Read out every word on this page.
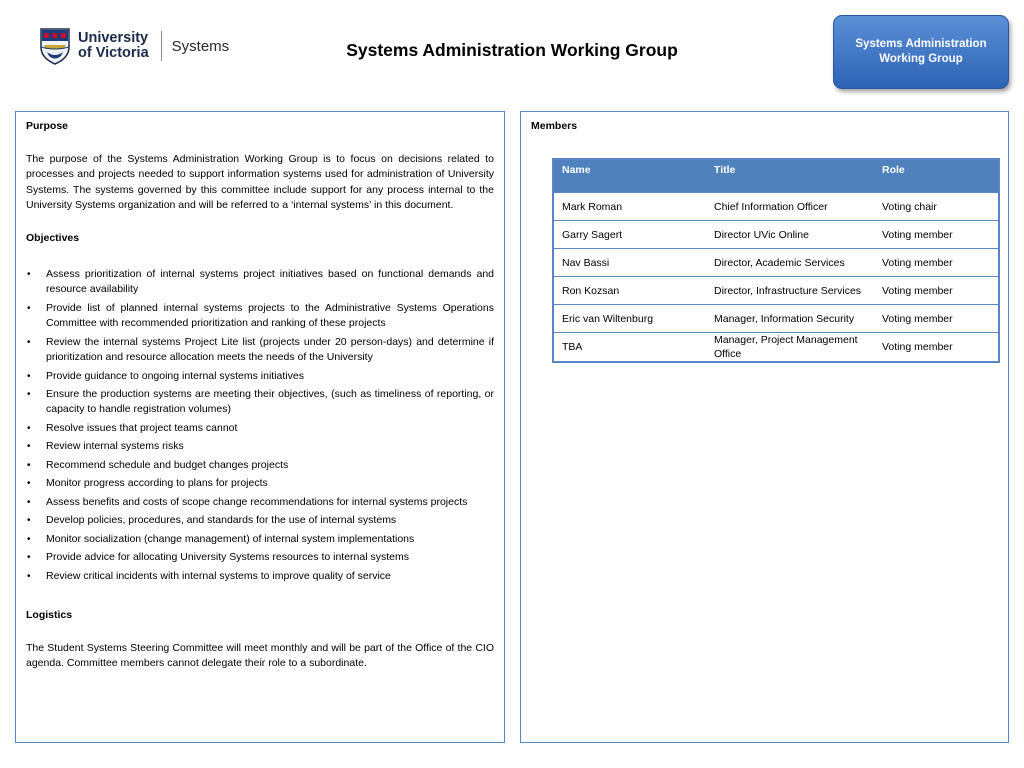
University
of Victoria Systems	Systems Administration Working Group	Systems Administration Working Group
Purpose

The purpose of the Systems Administration Working Group is to focus on decisions related to processes and projects needed to support information systems used for administration of University Systems. The systems governed by this committee include support for any process internal to the University Systems organization and will be referred to a ‘internal systems’ in this document.

Objectives
• Assess prioritization of internal systems project initiatives based on functional demands and resource availability
• Provide list of planned internal systems projects to the Administrative Systems Operations Committee with recommended prioritization and ranking of these projects
• Review the internal systems Project Lite list (projects under 20 person-days) and determine if prioritization and resource allocation meets the needs of the University
• Provide guidance to ongoing internal systems initiatives
• Ensure the production systems are meeting their objectives, (such as timeliness of reporting, or capacity to handle registration volumes)
• Resolve issues that project teams cannot
• Review internal systems risks
• Recommend schedule and budget changes projects
• Monitor progress according to plans for projects
• Assess benefits and costs of scope change recommendations for internal systems projects
• Develop policies, procedures, and standards for the use of internal systems
• Monitor socialization (change management) of internal system implementations
• Provide advice for allocating University Systems resources to internal systems
• Review critical incidents with internal systems to improve quality of service
Logistics

The Student Systems Steering Committee will meet monthly and will be part of the Office of the CIO agenda. Committee members cannot delegate their role to a subordinate.

Members
Name	Title	Role
Mark Roman	Chief Information Officer	Voting chair
Garry Sagert	Director UVic Online	Voting member
Nav Bassi	Director, Academic Services	Voting member
Ron Kozsan	Director, Infrastructure Services	Voting member
Eric van Wiltenburg	Manager, Information Security	Voting member
TBA	Manager, Project Management Office	Voting member
